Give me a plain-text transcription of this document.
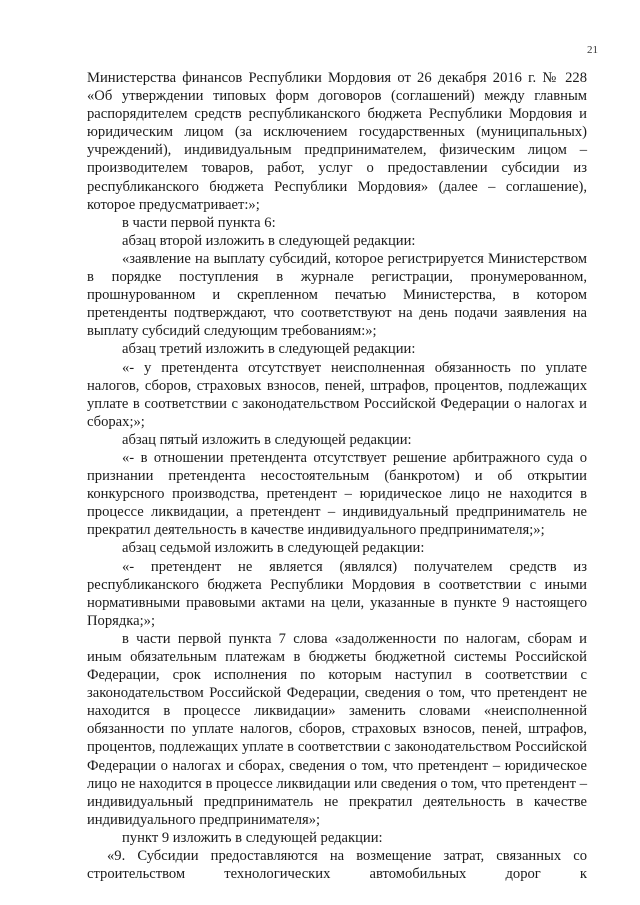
21

Министерства финансов Республики Мордовия от 26 декабря 2016 г. № 228 «Об утверждении типовых форм договоров (соглашений) между главным распорядителем средств республиканского бюджета Республики Мордовия и юридическим лицом (за исключением государственных (муниципальных) учреждений), индивидуальным предпринимателем, физическим лицом – производителем товаров, работ, услуг о предоставлении субсидии из республиканского бюджета Республики Мордовия» (далее – соглашение), которое предусматривает:»;

в части первой пункта 6:

абзац второй изложить в следующей редакции:

«заявление на выплату субсидий, которое регистрируется Министерством в порядке поступления в журнале регистрации, пронумерованном, прошнурованном и скрепленном печатью Министерства, в котором претенденты подтверждают, что соответствуют на день подачи заявления на выплату субсидий следующим требованиям:»;

абзац третий изложить в следующей редакции:

«- у претендента отсутствует неисполненная обязанность по уплате налогов, сборов, страховых взносов, пеней, штрафов, процентов, подлежащих уплате в соответствии с законодательством Российской Федерации о налогах и сборах;»;

абзац пятый изложить в следующей редакции:

«- в отношении претендента отсутствует решение арбитражного суда о признании претендента несостоятельным (банкротом) и об открытии конкурсного производства, претендент – юридическое лицо не находится в процессе ликвидации, а претендент – индивидуальный предприниматель не прекратил деятельность в качестве индивидуального предпринимателя;»;

абзац седьмой изложить в следующей редакции:

«- претендент не является (являлся) получателем средств из республиканского бюджета Республики Мордовия в соответствии с иными нормативными правовыми актами на цели, указанные в пункте 9 настоящего Порядка;»;

в части первой пункта 7 слова «задолженности по налогам, сборам и иным обязательным платежам в бюджеты бюджетной системы Российской Федерации, срок исполнения по которым наступил в соответствии с законодательством Российской Федерации, сведения о том, что претендент не находится в процессе ликвидации» заменить словами «неисполненной обязанности по уплате налогов, сборов, страховых взносов, пеней, штрафов, процентов, подлежащих уплате в соответствии с законодательством Российской Федерации о налогах и сборах, сведения о том, что претендент – юридическое лицо не находится в процессе ликвидации или сведения о том, что претендент – индивидуальный предприниматель не прекратил деятельность в качестве индивидуального предпринимателя»;

пункт 9 изложить в следующей редакции:

«9. Субсидии предоставляются на возмещение затрат, связанных со строительством технологических автомобильных дорог к
